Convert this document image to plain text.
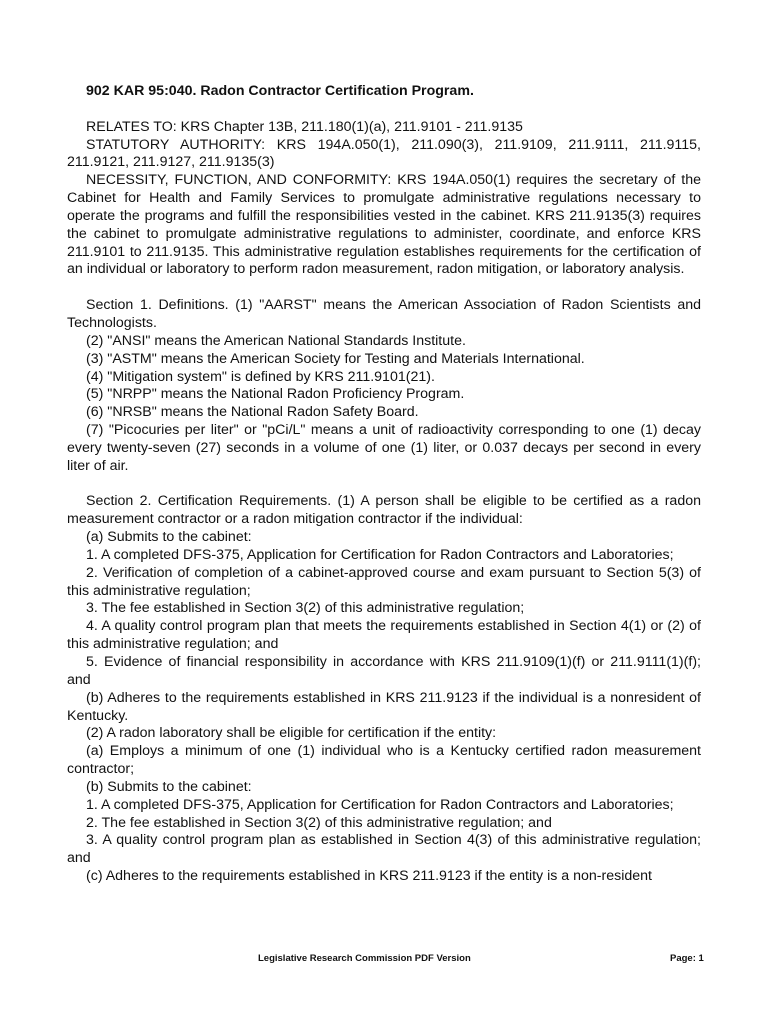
902 KAR 95:040. Radon Contractor Certification Program.

RELATES TO: KRS Chapter 13B, 211.180(1)(a), 211.9101 - 211.9135

STATUTORY AUTHORITY: KRS 194A.050(1), 211.090(3), 211.9109, 211.9111, 211.9115, 211.9121, 211.9127, 211.9135(3)

NECESSITY, FUNCTION, AND CONFORMITY: KRS 194A.050(1) requires the secretary of the Cabinet for Health and Family Services to promulgate administrative regulations necessary to operate the programs and fulfill the responsibilities vested in the cabinet. KRS 211.9135(3) requires the cabinet to promulgate administrative regulations to administer, coordinate, and enforce KRS 211.9101 to 211.9135. This administrative regulation establishes requirements for the certification of an individual or laboratory to perform radon measurement, radon mitigation, or laboratory analysis.

Section 1. Definitions. (1) "AARST" means the American Association of Radon Scientists and Technologists.

(2) "ANSI" means the American National Standards Institute.

(3) "ASTM" means the American Society for Testing and Materials International.

(4) "Mitigation system" is defined by KRS 211.9101(21).

(5) "NRPP" means the National Radon Proficiency Program.

(6) "NRSB" means the National Radon Safety Board.

(7) "Picocuries per liter" or "pCi/L" means a unit of radioactivity corresponding to one (1) decay every twenty-seven (27) seconds in a volume of one (1) liter, or 0.037 decays per second in every liter of air.

Section 2. Certification Requirements. (1) A person shall be eligible to be certified as a radon measurement contractor or a radon mitigation contractor if the individual:

(a) Submits to the cabinet:

1. A completed DFS-375, Application for Certification for Radon Contractors and Laboratories;

2. Verification of completion of a cabinet-approved course and exam pursuant to Section 5(3) of this administrative regulation;

3. The fee established in Section 3(2) of this administrative regulation;

4. A quality control program plan that meets the requirements established in Section 4(1) or (2) of this administrative regulation; and

5. Evidence of financial responsibility in accordance with KRS 211.9109(1)(f) or 211.9111(1)(f); and

(b) Adheres to the requirements established in KRS 211.9123 if the individual is a nonresident of Kentucky.

(2) A radon laboratory shall be eligible for certification if the entity:

(a) Employs a minimum of one (1) individual who is a Kentucky certified radon measurement contractor;

(b) Submits to the cabinet:

1. A completed DFS-375, Application for Certification for Radon Contractors and Laboratories;

2. The fee established in Section 3(2) of this administrative regulation; and

3. A quality control program plan as established in Section 4(3) of this administrative regulation; and

(c) Adheres to the requirements established in KRS 211.9123 if the entity is a non-resident

Legislative Research Commission PDF Version	Page: 1
